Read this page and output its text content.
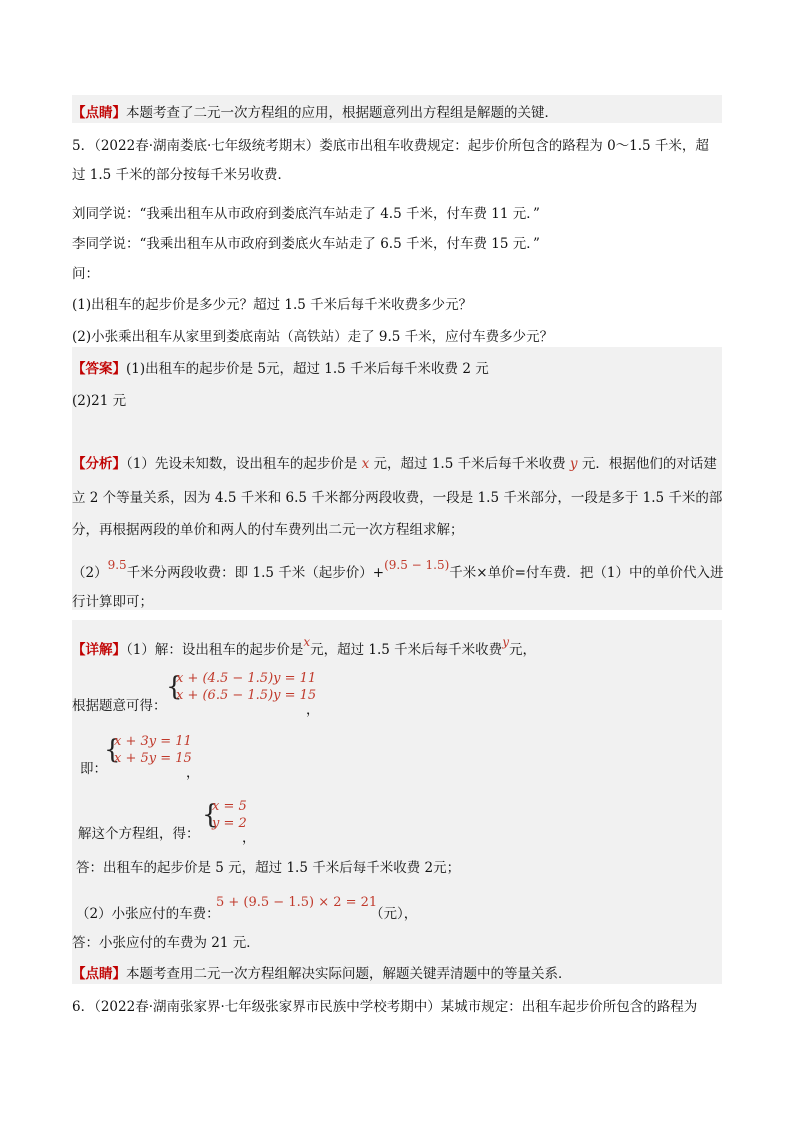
【点睛】本题考查了二元一次方程组的应用，根据题意列出方程组是解题的关键．
5．（2022春·湖南娄底·七年级统考期末）娄底市出租车收费规定：起步价所包含的路程为 0～1.5 千米，超
过 1.5 千米的部分按每千米另收费．
刘同学说：“我乘出租车从市政府到娄底汽车站走了 4.5 千米，付车费 11 元．”
李同学说：“我乘出租车从市政府到娄底火车站走了 6.5 千米，付车费 15 元．”
问：
(1)出租车的起步价是多少元？超过 1.5 千米后每千米收费多少元？
(2)小张乘出租车从家里到娄底南站（高铁站）走了 9.5 千米，应付车费多少元？
【答案】(1)出租车的起步价是 5元，超过 1.5 千米后每千米收费 2 元
(2)21 元
【分析】（1）先设未知数，设出租车的起步价是 x 元，超过 1.5 千米后每千米收费 y 元．根据他们的对话建
立 2 个等量关系，因为 4.5 千米和 6.5 千米都分两段收费，一段是 1.5 千米部分，一段是多于 1.5 千米的部
分，再根据两段的单价和两人的付车费列出二元一次方程组求解；
（2）9.5千米分两段收费：即 1.5 千米（起步价）+(9.5 − 1.5)千米×单价=付车费．把（1）中的单价代入进
行计算即可；
【详解】（1）解：设出租车的起步价是x元，超过 1.5 千米后每千米收费y元，
根据题意可得：
{
x + (4.5 − 1.5)y = 11
x + (6.5 − 1.5)y = 15
，
即：
{
x + 3y = 11
x + 5y = 15
，
解这个方程组，得：
{
x = 5
y = 2
，
答：出租车的起步价是 5 元，超过 1.5 千米后每千米收费 2元；
（2）小张应付的车费：
5 + (9.5 − 1.5) × 2 = 21
（元），
答：小张应付的车费为 21 元．
【点睛】本题考查用二元一次方程组解决实际问题，解题关键弄清题中的等量关系．
6．（2022春·湖南张家界·七年级张家界市民族中学校考期中）某城市规定：出租车起步价所包含的路程为
